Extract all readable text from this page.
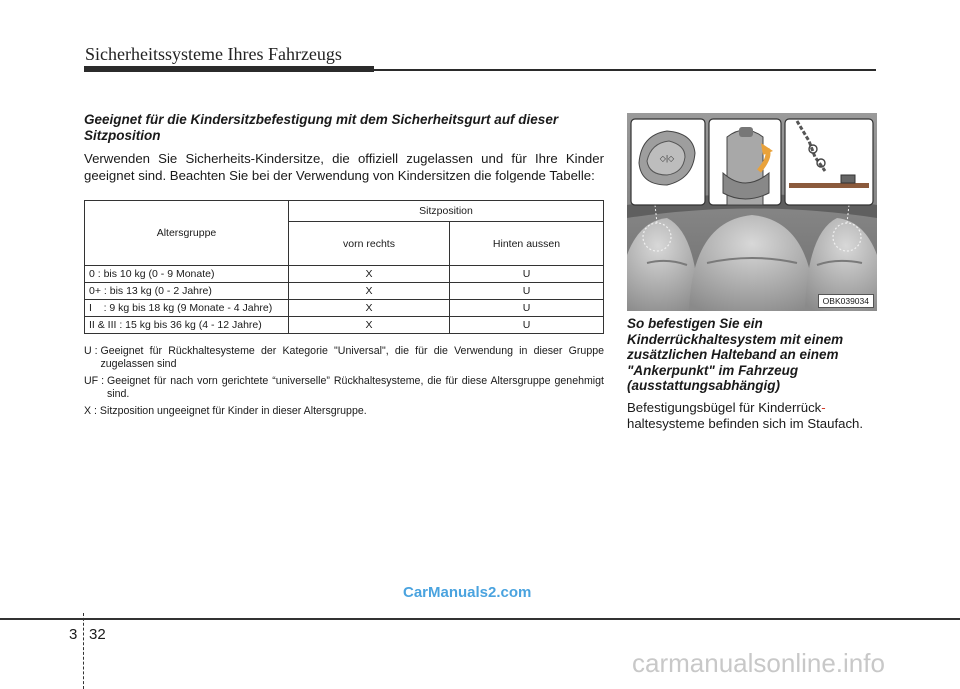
Sicherheitssysteme Ihres Fahrzeugs

Geeignet für die Kindersitzbefestigung mit dem Sicherheitsgurt auf dieser Sitzposition

Verwenden Sie Sicherheits-Kindersitze, die offiziell zugelassen und für Ihre Kinder geeignet sind. Beachten Sie bei der Verwendung von Kindersitzen die folgende Tabelle:

Altersgruppe	Sitzposition	
	vorn rechts	Hinten aussen
0 : bis 10 kg (0 - 9 Monate)	X	U
0+ : bis 13 kg (0 - 2 Jahre)	X	U
I    : 9 kg bis 18 kg (9 Monate - 4 Jahre)	X	U
II & III : 15 kg bis 36 kg (4 - 12 Jahre)	X	U
U : Geeignet für Rückhaltesysteme der Kategorie "Universal", die für die Verwendung in dieser Gruppe zugelassen sind
UF : Geeignet für nach vorn gerichtete “universelle” Rückhaltesysteme, die für diese Altersgruppe genehmigt sind.
X : Sitzposition ungeeignet für Kinder in dieser Altersgruppe.
◇|◇
OBK039034

So befestigen Sie ein Kinderrückhaltesystem mit einem zusätzlichen Halteband an einem "Ankerpunkt" im Fahrzeug (ausstattungsabhängig)

Befestigungsbügel für Kinderrück-
haltesysteme befinden sich im Staufach.

CarManuals2.com
3 32
carmanualsonline.info
